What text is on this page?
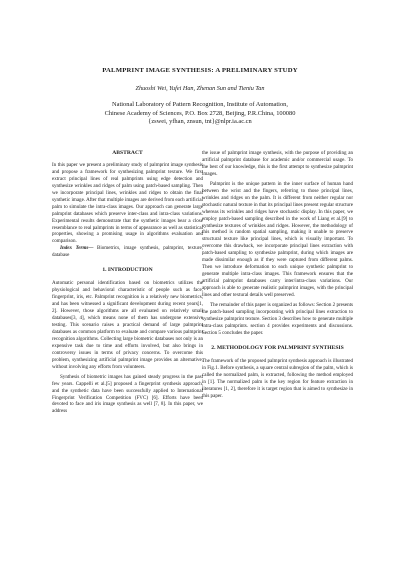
PALMPRINT IMAGE SYNTHESIS: A PRELIMINARY STUDY
Zhuoshi Wei, Yufei Han, Zhenan Sun and Tieniu Tan
National Laboratory of Pattern Recognition, Institute of Automation,
Chinese Academy of Sciences, P.O. Box 2728, Beijing, P.R.China, 100080
{zswei, yfhan, znsun, tnt}@nlpr.ia.ac.cn
ABSTRACT

In this paper we present a preliminary study of palmprint image synthesis and propose a framework for synthesizing palmprint texture. We first extract principal lines of real palmprints using edge detection and synthesize wrinkles and ridges of palm using patch-based sampling. Then we incorporate principal lines, wrinkles and ridges to obtain the final synthetic image. After that multiple images are derived from each artificial palm to simulate the intra-class images. Our approach can generate large palmprint databases which preserve inter-class and intra-class variations. Experimental results demonstrate that the synthetic images bear a close resemblance to real palmprints in terms of appearance as well as statistical properties, showing a promising usage in algorithms evaluation and comparison.

Index Terms— Biometrics, image synthesis, palmprint, texture, database

1. INTRODUCTION

Automatic personal identification based on biometrics utilizes the physiological and behavioral characteristic of people such as face, fingerprint, iris, etc. Palmprint recognition is a relatively new biometrics, and has been witnessed a significant development during recent years[1, 2]. However, those algorithms are all evaluated on relatively small databases[3, 4], which means none of them has undergone extensive testing. This scenario raises a practical demand of large palmprint databases as common platform to evaluate and compare various palmprint recognition algorithms. Collecting large biometric databases not only is an expensive task due to time and efforts involved, but also brings in controversy issues in terms of privacy concerns. To overcome this problem, synthesizing artificial palmprint image provides an alternative, without involving any efforts from volunteers.

Synthesis of biometric images has gained steady progress in the past few years. Cappelli et al.[5] proposed a fingerprint synthesis approach, and the synthetic data have been successfully applied to International Fingerprint Verification Competition (FVC) [6]. Efforts have been devoted to face and iris image synthesis as well [7, 8]. In this paper, we address

the issue of palmprint image synthesis, with the purpose of providing an artificial palmprint database for academic and/or commercial usage. To the best of our knowledge, this is the first attempt to synthesize palmprint images.

Palmprint is the unique pattern in the inner surface of human hand between the wrist and the fingers, referring to those principal lines, wrinkles and ridges on the palm. It is different from neither regular nor stochastic natural texture in that its principal lines present regular structure whereas its wrinkles and ridges have stochastic display. In this paper, we employ patch-based sampling described in the work of Liang et al.[9] to synthesize textures of wrinkles and ridges. However, the methodology of this method is random spatial sampling, making it unable to preserve structural texture like principal lines, which is visually important. To overcome this drawback, we incorporate principal lines extraction with patch-based sampling to synthesize palmprint, during which images are made dissimilar enough as if they were captured from different palms. Then we introduce deformation to each unique synthetic palmprint to generate multiple intra-class images. This framework ensures that the artificial palmprint databases carry inter/intra-class variations. Our approach is able to generate realistic palmprint images, with the principal lines and other textural details well preserved.

The remainder of this paper is organized as follows: Section 2 presents the patch-based sampling incorporating with principal lines extraction to synthesize palmprint texture. Section 3 describes how to generate multiple intra-class palmprints. section 4 provides experiments and discussions. Section 5 concludes the paper.

2. METHODOLOGY FOR PALMPRINT SYNTHESIS

The framework of the proposed palmprint synthesis approach is illustrated in Fig.1. Before synthesis, a square central subregion of the palm, which is called the normalized palm, is extracted, following the method employed in [1]. The normalized palm is the key region for feature extraction in literatures [1, 2], therefore it is target region that is aimed to synthesize in this paper.
